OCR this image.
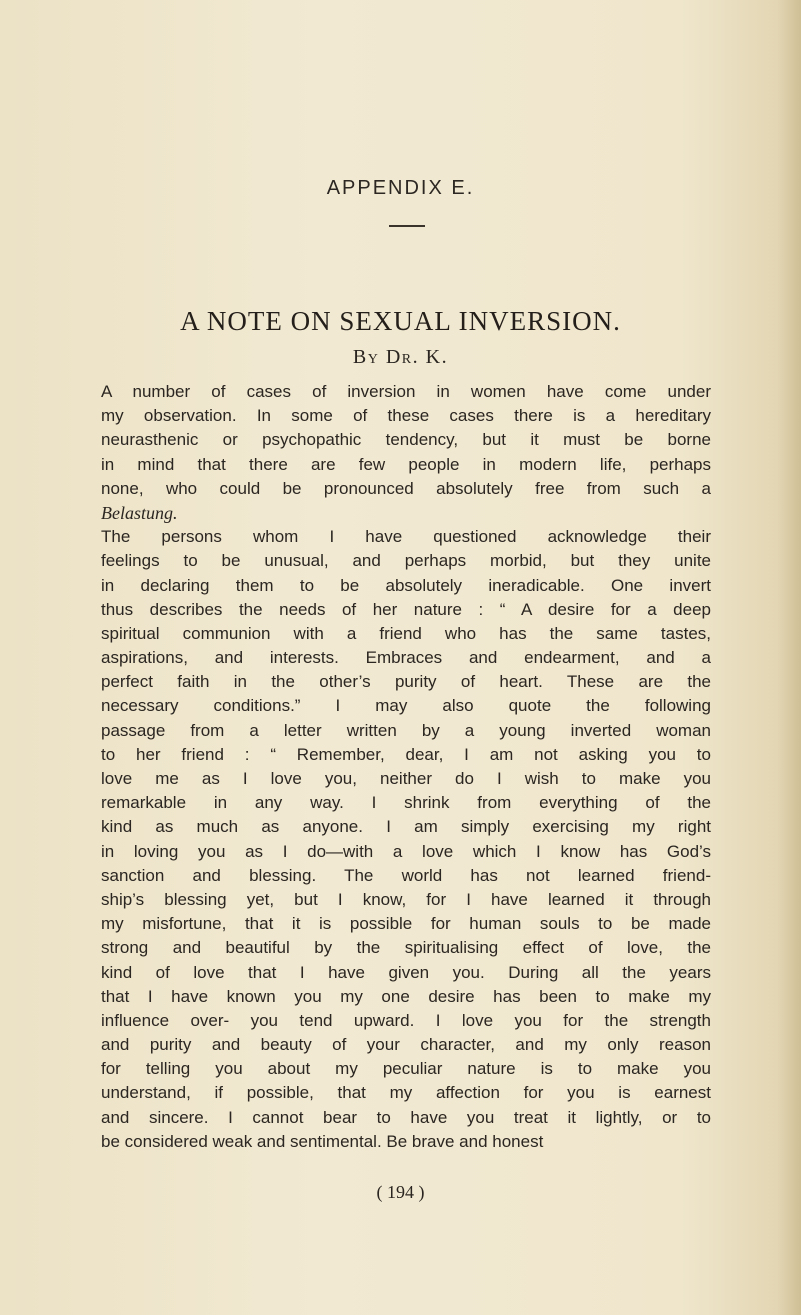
APPENDIX E.
A NOTE ON SEXUAL INVERSION.
By Dr. K.
A number of cases of inversion in women have come under
my observation. In some of these cases there is a hereditary
neurasthenic or psychopathic tendency, but it must be borne
in mind that there are few people in modern life, perhaps
none, who could be pronounced absolutely free from such a
Belastung.
The persons whom I have questioned acknowledge their
feelings to be unusual, and perhaps morbid, but they unite
in declaring them to be absolutely ineradicable. One invert
thus describes the needs of her nature : “ A desire for a deep
spiritual communion with a friend who has the same tastes,
aspirations, and interests. Embraces and endearment, and a
perfect faith in the other’s purity of heart. These are the
necessary conditions.” I may also quote the following
passage from a letter written by a young inverted woman
to her friend : “ Remember, dear, I am not asking you to
love me as I love you, neither do I wish to make you
remarkable in any way. I shrink from everything of the
kind as much as anyone. I am simply exercising my right
in loving you as I do—with a love which I know has God’s
sanction and blessing. The world has not learned friend-
ship’s blessing yet, but I know, for I have learned it through
my misfortune, that it is possible for human souls to be made
strong and beautiful by the spiritualising effect of love, the
kind of love that I have given you. During all the years
that I have known you my one desire has been to make my
influence over- you tend upward. I love you for the strength
and purity and beauty of your character, and my only reason
for telling you about my peculiar nature is to make you
understand, if possible, that my affection for you is earnest
and sincere. I cannot bear to have you treat it lightly, or to
be considered weak and sentimental. Be brave and honest
( 194 )
